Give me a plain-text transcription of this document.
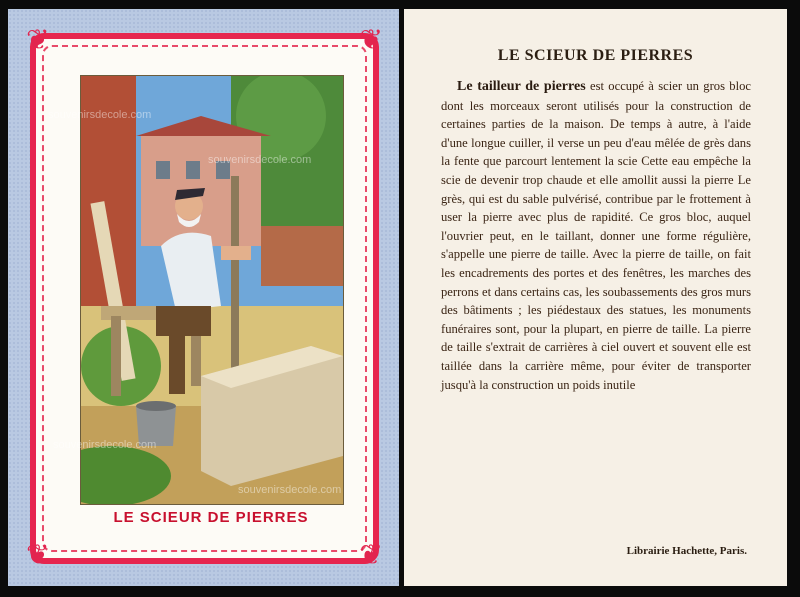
❦	❦
❦	❦
souvenirsdecole.com
souvenirsdecole.com
souvenirsdecole.com
souvenirsdecole.com
LE SCIEUR DE PIERRES
LE SCIEUR DE PIERRES
Le tailleur de pierres est occupé à scier un gros bloc dont les morceaux seront utilisés pour la construction de certaines parties de la maison. De temps à autre, à l'aide d'une longue cuiller, il verse un peu d'eau mêlée de grès dans la fente que parcourt lentement la scie Cette eau empêche la scie de devenir trop chaude et elle amollit aussi la pierre Le grès, qui est du sable pulvérisé, contribue par le frottement à user la pierre avec plus de rapidité. Ce gros bloc, auquel l'ouvrier peut, en le taillant, donner une forme régulière, s'appelle une pierre de taille. Avec la pierre de taille, on fait les encadrements des portes et des fenêtres, les marches des perrons et dans certains cas, les soubassements des gros murs des bâtiments ; les piédestaux des statues, les monuments funéraires sont, pour la plupart, en pierre de taille. La pierre de taille s'extrait de carrières à ciel ouvert et souvent elle est taillée dans la carrière même, pour éviter de transporter jusqu'à la construction un poids inutile
Librairie Hachette, Paris.
